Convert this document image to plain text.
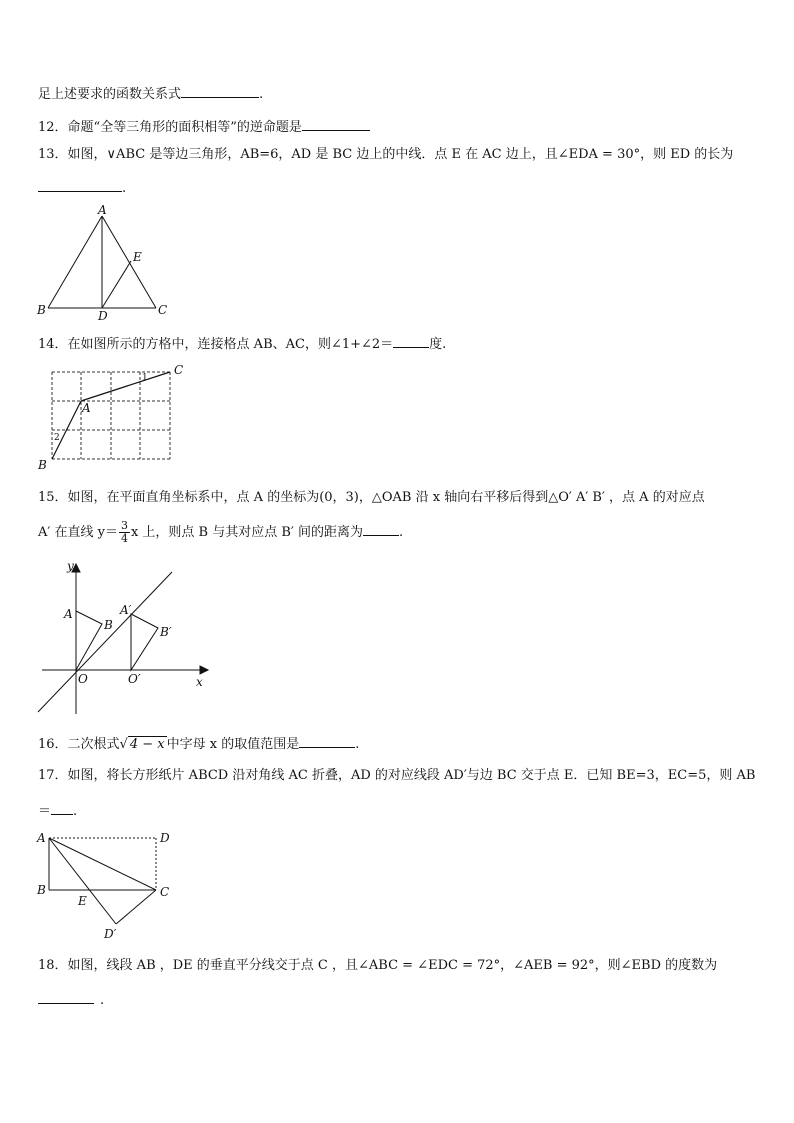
足上述要求的函数关系式	.
12．命题“全等三角形的面积相等”的逆命题是
13．如图，∨ABC 是等边三角形，AB=6，AD 是 BC 边上的中线．点 E 在 AC 边上，且∠EDA = 30°，则 ED 的长为
.
A
B	C
D
E
14．在如图所示的方格中，连接格点 AB、AC，则∠1+∠2＝	度.
C
A
B
1
2
15．如图，在平面直角坐标系中，点 A 的坐标为(0，3)，△OAB 沿 x 轴向右平移后得到△O′ A′ B′ ，点 A 的对应点
A′ 在直线 $y= \frac{3}{4}$ x 上，则点 B 与其对应点 B′ 间的距离为	.
y
x
O
A
B
A′
B′
O′
16．二次根式√ 4 − x 中字母 x 的取值范围是	.
17．如图，将长方形纸片 ABCD 沿对角线 AC 折叠，AD 的对应线段 AD′与边 BC 交于点 E．已知 BE=3，EC=5，则 AB
＝ .
A	D
B	C
E
D′
18．如图，线段 AB ，DE 的垂直平分线交于点 C ，且∠ABC = ∠EDC = 72°，∠AEB = 92°，则∠EBD 的度数为
.
